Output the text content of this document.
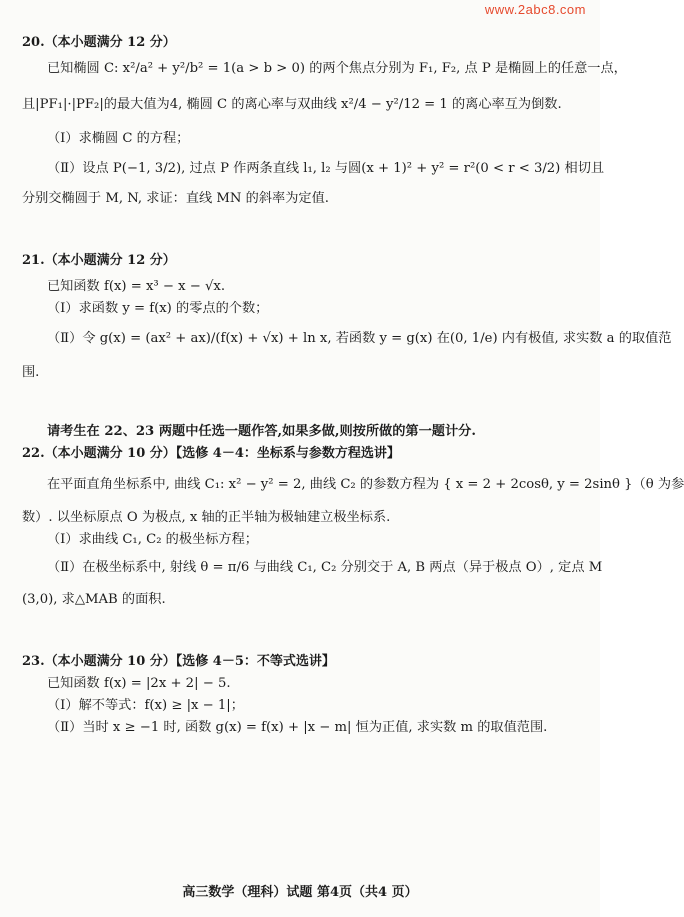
www.2abc8.com
20.（本小题满分 12 分）
已知椭圆 C: x²/a² + y²/b² = 1(a > b > 0) 的两个焦点分别为 F₁, F₂, 点 P 是椭圆上的任意一点，
且|PF₁|·|PF₂|的最大值为4, 椭圆 C 的离心率与双曲线 x²/4 − y²/12 = 1 的离心率互为倒数.
（Ⅰ）求椭圆 C 的方程；
（Ⅱ）设点 P(−1, 3/2), 过点 P 作两条直线 l₁, l₂ 与圆(x + 1)² + y² = r²(0 < r < 3/2) 相切且
分别交椭圆于 M, N, 求证：直线 MN 的斜率为定值.
21.（本小题满分 12 分）
已知函数 f(x) = x³ − x − √x.
（Ⅰ）求函数 y = f(x) 的零点的个数；
（Ⅱ）令 g(x) = (ax² + ax)/(f(x) + √x) + ln x, 若函数 y = g(x) 在(0, 1/e) 内有极值, 求实数 a 的取值范
围.
请考生在 22、23 两题中任选一题作答,如果多做,则按所做的第一题计分.
22.（本小题满分 10 分）【选修 4－4：坐标系与参数方程选讲】
在平面直角坐标系中, 曲线 C₁: x² − y² = 2, 曲线 C₂ 的参数方程为 { x = 2 + 2cosθ, y = 2sinθ }（θ 为参
数）. 以坐标原点 O 为极点, x 轴的正半轴为极轴建立极坐标系.
（Ⅰ）求曲线 C₁, C₂ 的极坐标方程；
（Ⅱ）在极坐标系中, 射线 θ = π/6 与曲线 C₁, C₂ 分别交于 A, B 两点（异于极点 O）, 定点 M
(3,0), 求△MAB 的面积.
23.（本小题满分 10 分）【选修 4－5：不等式选讲】
已知函数 f(x) = |2x + 2| − 5.
（Ⅰ）解不等式：f(x) ≥ |x − 1|；
（Ⅱ）当时 x ≥ −1 时, 函数 g(x) = f(x) + |x − m| 恒为正值, 求实数 m 的取值范围.
高三数学（理科）试题 第4页（共4 页）
